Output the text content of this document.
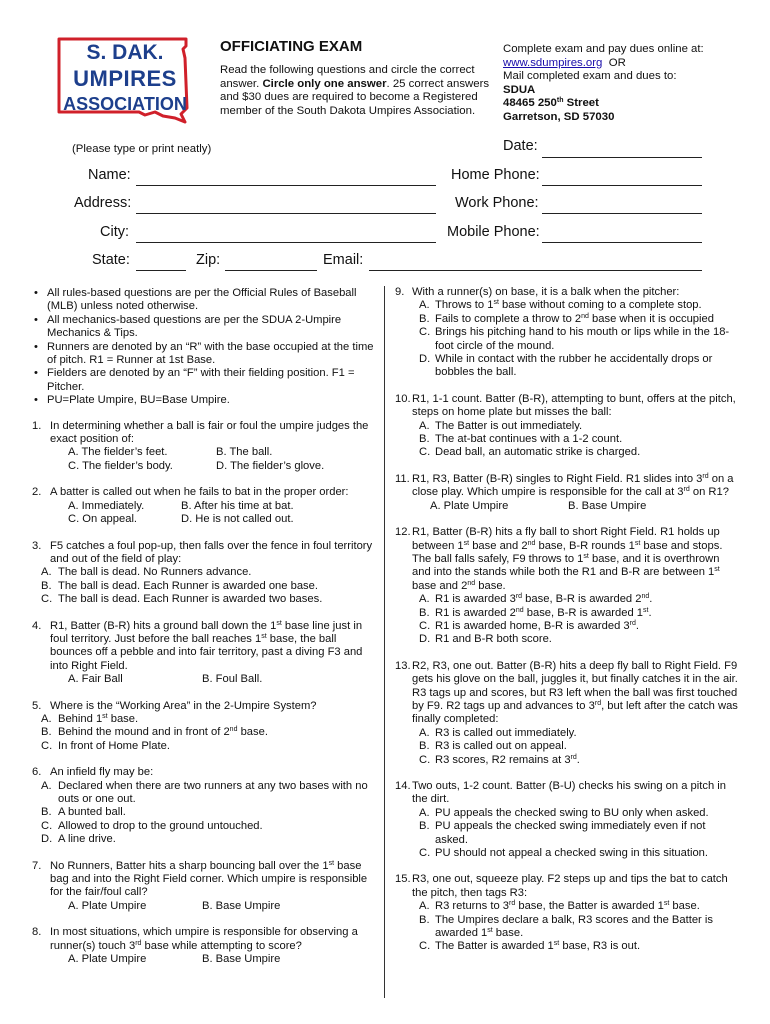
S. DAK.
UMPIRES
ASSOCIATION
OFFICIATING EXAM
Read the following questions and circle the correct answer. Circle only one answer. 25 correct answers and $30 dues are required to become a Registered member of the South Dakota Umpires Association.
Complete exam and pay dues online at:
www.sdumpires.org OR
Mail completed exam and dues to:
SDUA
48465 250th Street
Garretson, SD 57030
(Please type or print neatly)	Date:
Name:	Home Phone:
Address:	Work Phone:
City:	Mobile Phone:
State:	Zip:	Email:
• All rules-based questions are per the Official Rules of Baseball (MLB) unless noted otherwise.
• All mechanics-based questions are per the SDUA 2-Umpire Mechanics & Tips.
• Runners are denoted by an “R” with the base occupied at the time of pitch. R1 = Runner at 1st Base.
• Fielders are denoted by an “F” with their fielding position. F1 = Pitcher.
• PU=Plate Umpire, BU=Base Umpire.
1. In determining whether a ball is fair or foul the umpire judges the exact position of:
A. The fielder’s feet.	B. The ball.
C. The fielder’s body.	D. The fielder’s glove.
2. A batter is called out when he fails to bat in the proper order:
A. Immediately.	B. After his time at bat.
C. On appeal.	D. He is not called out.
3. F5 catches a foul pop-up, then falls over the fence in foul territory and out of the field of play:
A. The ball is dead. No Runners advance.
B. The ball is dead. Each Runner is awarded one base.
C. The ball is dead. Each Runner is awarded two bases.
4. R1, Batter (B-R) hits a ground ball down the 1st base line just in foul territory. Just before the ball reaches 1st base, the ball bounces off a pebble and into fair territory, past a diving F3 and into Right Field.
A. Fair Ball	B. Foul Ball.
5. Where is the “Working Area” in the 2-Umpire System?
A. Behind 1st base.
B. Behind the mound and in front of 2nd base.
C. In front of Home Plate.
6. An infield fly may be:
A. Declared when there are two runners at any two bases with no outs or one out.
B. A bunted ball.
C. Allowed to drop to the ground untouched.
D. A line drive.
7. No Runners, Batter hits a sharp bouncing ball over the 1st base bag and into the Right Field corner. Which umpire is responsible for the fair/foul call?
A. Plate Umpire	B. Base Umpire
8. In most situations, which umpire is responsible for observing a runner(s) touch 3rd base while attempting to score?
A. Plate Umpire	B. Base Umpire
9. With a runner(s) on base, it is a balk when the pitcher:
A. Throws to 1st base without coming to a complete stop.
B. Fails to complete a throw to 2nd base when it is occupied
C. Brings his pitching hand to his mouth or lips while in the 18-foot circle of the mound.
D. While in contact with the rubber he accidentally drops or bobbles the ball.
10. R1, 1-1 count. Batter (B-R), attempting to bunt, offers at the pitch, steps on home plate but misses the ball:
A. The Batter is out immediately.
B. The at-bat continues with a 1-2 count.
C. Dead ball, an automatic strike is charged.
11. R1, R3, Batter (B-R) singles to Right Field. R1 slides into 3rd on a close play. Which umpire is responsible for the call at 3rd on R1?
A. Plate Umpire	B. Base Umpire
12. R1, Batter (B-R) hits a fly ball to short Right Field. R1 holds up between 1st base and 2nd base, B-R rounds 1st base and stops. The ball falls safely, F9 throws to 1st base, and it is overthrown and into the stands while both the R1 and B-R are between 1st base and 2nd base.
A. R1 is awarded 3rd base, B-R is awarded 2nd.
B. R1 is awarded 2nd base, B-R is awarded 1st.
C. R1 is awarded home, B-R is awarded 3rd.
D. R1 and B-R both score.
13. R2, R3, one out. Batter (B-R) hits a deep fly ball to Right Field. F9 gets his glove on the ball, juggles it, but finally catches it in the air. R3 tags up and scores, but R3 left when the ball was first touched by F9. R2 tags up and advances to 3rd, but left after the catch was finally completed:
A. R3 is called out immediately.
B. R3 is called out on appeal.
C. R3 scores, R2 remains at 3rd.
14. Two outs, 1-2 count. Batter (B-U) checks his swing on a pitch in the dirt.
A. PU appeals the checked swing to BU only when asked.
B. PU appeals the checked swing immediately even if not asked.
C. PU should not appeal a checked swing in this situation.
15. R3, one out, squeeze play. F2 steps up and tips the bat to catch the pitch, then tags R3:
A. R3 returns to 3rd base, the Batter is awarded 1st base.
B. The Umpires declare a balk, R3 scores and the Batter is awarded 1st base.
C. The Batter is awarded 1st base, R3 is out.
